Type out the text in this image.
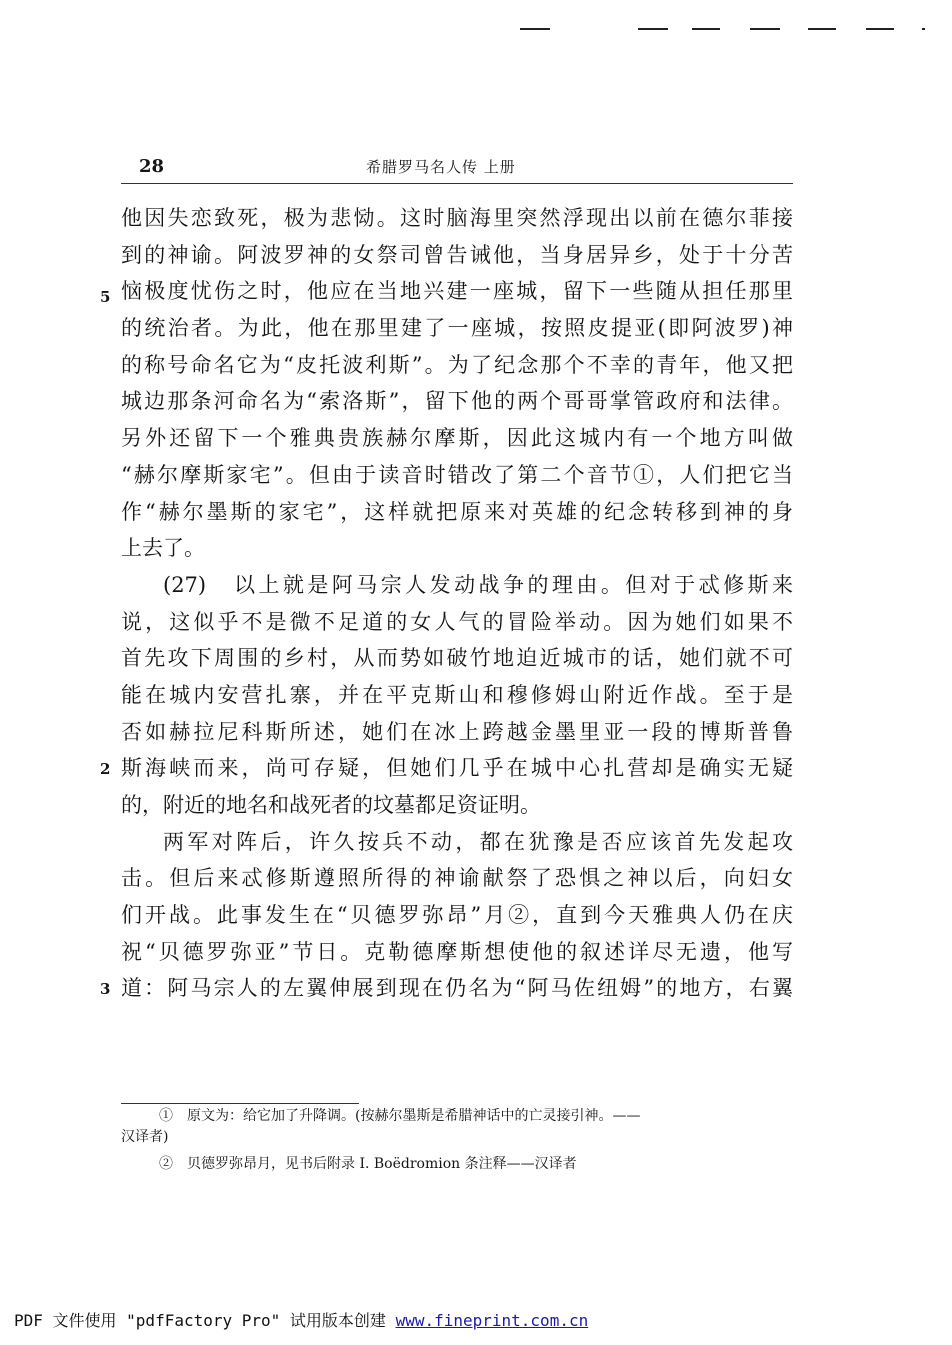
28	希腊罗马名人传 上册
5
2
3
他因失恋致死，极为悲恸。这时脑海里突然浮现出以前在德尔菲接
到的神谕。阿波罗神的女祭司曾告诫他，当身居异乡，处于十分苦
恼极度忧伤之时，他应在当地兴建一座城，留下一些随从担任那里
的统治者。为此，他在那里建了一座城，按照皮提亚(即阿波罗)神
的称号命名它为“皮托波利斯”。为了纪念那个不幸的青年，他又把
城边那条河命名为“索洛斯”，留下他的两个哥哥掌管政府和法律。
另外还留下一个雅典贵族赫尔摩斯，因此这城内有一个地方叫做
“赫尔摩斯家宅”。但由于读音时错改了第二个音节①，人们把它当
作“赫尔墨斯的家宅”，这样就把原来对英雄的纪念转移到神的身
上去了。
(27)　以上就是阿马宗人发动战争的理由。但对于忒修斯来
说，这似乎不是微不足道的女人气的冒险举动。因为她们如果不
首先攻下周围的乡村，从而势如破竹地迫近城市的话，她们就不可
能在城内安营扎寨，并在平克斯山和穆修姆山附近作战。至于是
否如赫拉尼科斯所述，她们在冰上跨越金墨里亚一段的博斯普鲁
斯海峡而来，尚可存疑，但她们几乎在城中心扎营却是确实无疑
的，附近的地名和战死者的坟墓都足资证明。
两军对阵后，许久按兵不动，都在犹豫是否应该首先发起攻
击。但后来忒修斯遵照所得的神谕献祭了恐惧之神以后，向妇女
们开战。此事发生在“贝德罗弥昂”月②，直到今天雅典人仍在庆
祝“贝德罗弥亚”节日。克勒德摩斯想使他的叙述详尽无遗，他写
道：阿马宗人的左翼伸展到现在仍名为“阿马佐纽姆”的地方，右翼
①　原文为：给它加了升降调。(按赫尔墨斯是希腊神话中的亡灵接引神。——
汉译者)
②　贝德罗弥昂月，见书后附录 I. Boëdromion 条注释——汉译者
PDF 文件使用 "pdfFactory Pro" 试用版本创建 www.fineprint.com.cn
